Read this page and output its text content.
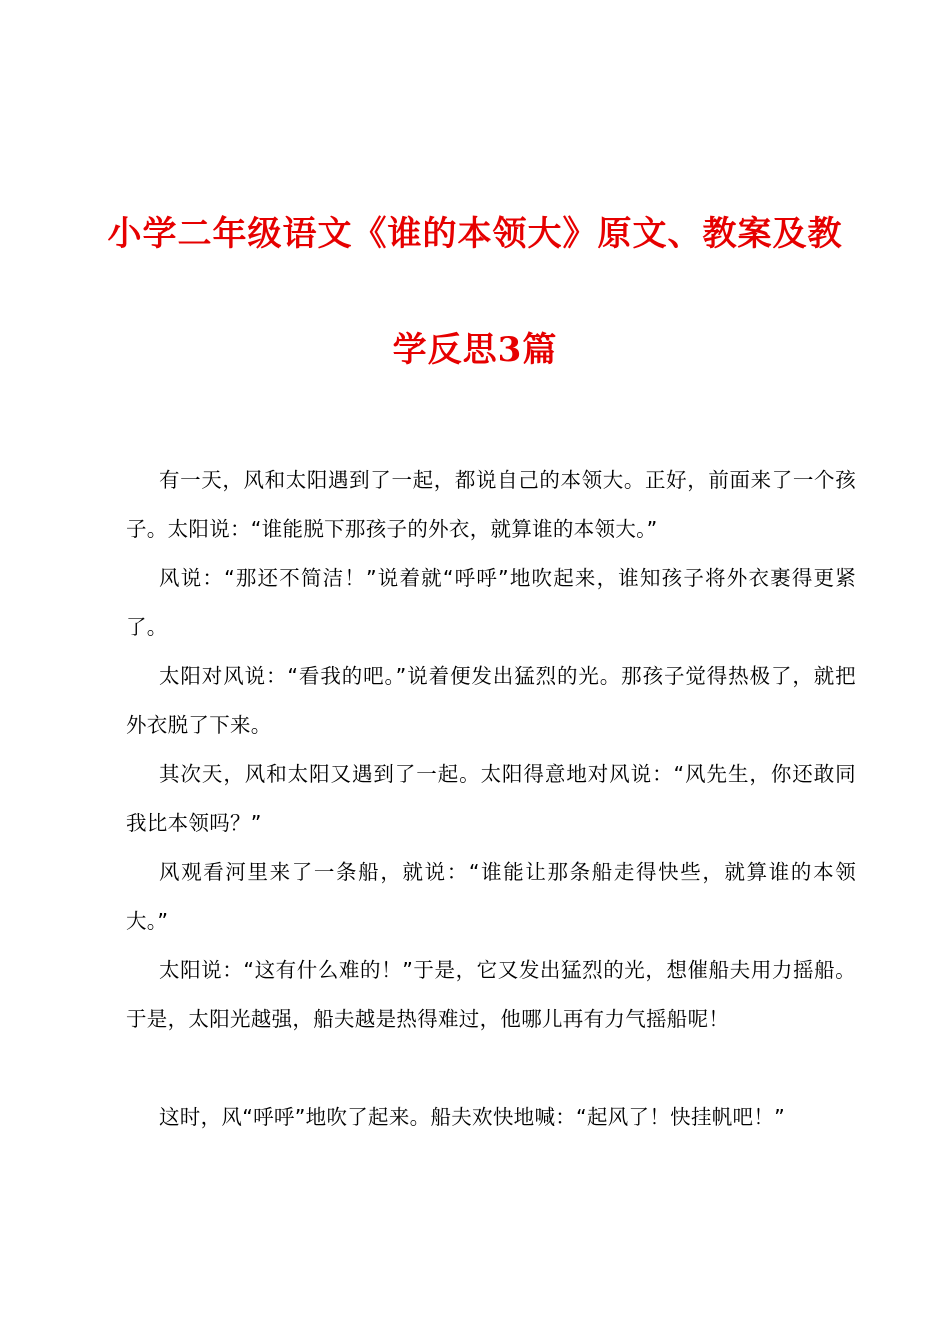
小学二年级语文《谁的本领大》原文、教案及教
学反思3篇

有一天，风和太阳遇到了一起，都说自己的本领大。正好，前面来了一个孩子。太阳说：“谁能脱下那孩子的外衣，就算谁的本领大。”

风说：“那还不简洁！”说着就“呼呼”地吹起来，谁知孩子将外衣裹得更紧了。

太阳对风说：“看我的吧。”说着便发出猛烈的光。那孩子觉得热极了，就把外衣脱了下来。

其次天，风和太阳又遇到了一起。太阳得意地对风说：“风先生，你还敢同我比本领吗？”

风观看河里来了一条船，就说：“谁能让那条船走得快些，就算谁的本领大。”

太阳说：“这有什么难的！”于是，它又发出猛烈的光，想催船夫用力摇船。于是，太阳光越强，船夫越是热得难过，他哪儿再有力气摇船呢！

这时，风“呼呼”地吹了起来。船夫欢快地喊：“起风了！快挂帆吧！”
